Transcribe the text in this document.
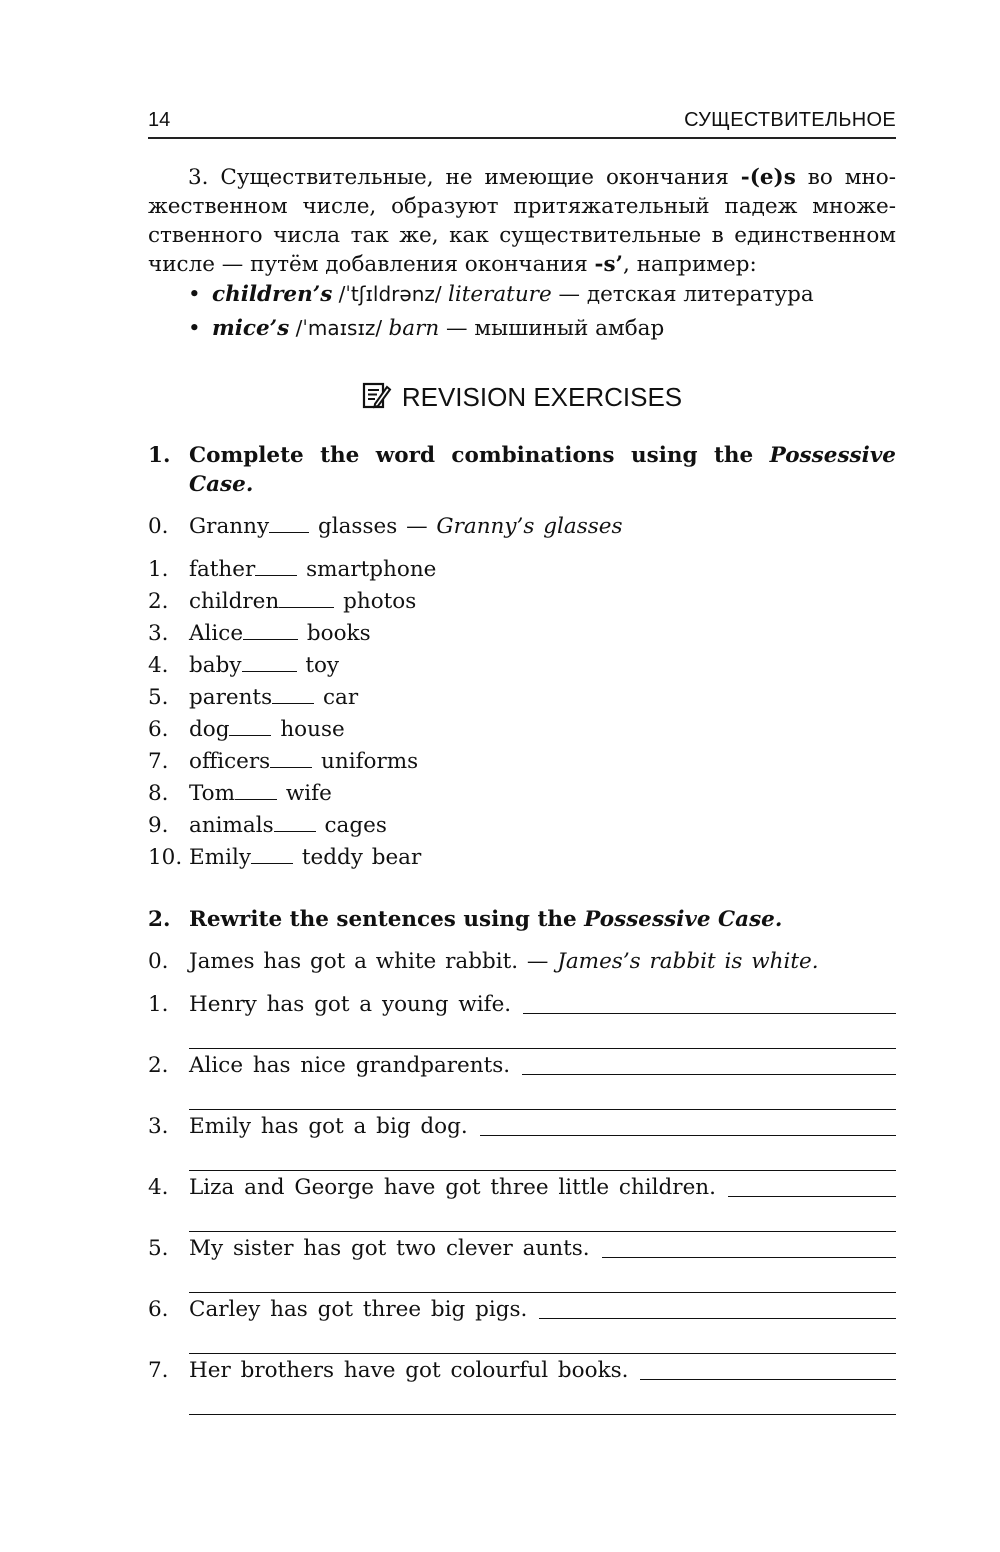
14	СУЩЕСТВИТЕЛЬНОЕ
3. Существительные, не имеющие окончания -(e)s во мно-
жественном числе, образуют притяжательный падеж множе-
ственного числа так же, как существительные в единственном
числе — путём добавления окончания -s’, например:
• children’s /ˈtʃɪldrənz/ literature — детская литература
• mice’s /ˈmaɪsɪz/ barn — мышиный амбар
REVISION EXERCISES
1. Complete the word combinations using the Possessive
Case.
0. Granny glasses — Granny’s glasses
1. father smartphone
2. children	photos
3. Alice	books
4. baby	toy
5. parents car
6. dog house
7. officers uniforms
8. Tom wife
9. animals cages
10. Emily teddy bear
2. Rewrite the sentences using the Possessive Case.
0. James has got a white rabbit. — James’s rabbit is white.
1. Henry has got a young wife.
2. Alice has nice grandparents.
3. Emily has got a big dog.
4. Liza and George have got three little children.
5. My sister has got two clever aunts.
6. Carley has got three big pigs.
7. Her brothers have got colourful books.
